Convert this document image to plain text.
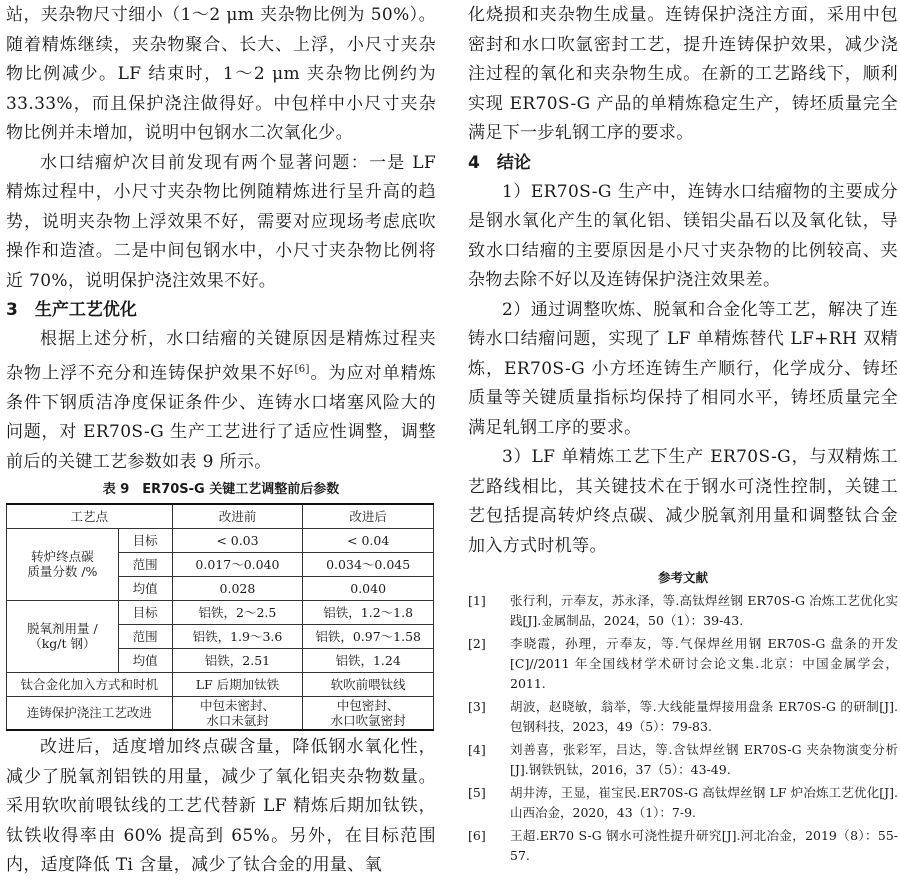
站，夹杂物尺寸细小（1～2 μm 夹杂物比例为 50%）。随着精炼继续，夹杂物聚合、长大、上浮，小尺寸夹杂物比例减少。LF 结束时，1～2 μm 夹杂物比例约为 33.33%，而且保护浇注做得好。中包样中小尺寸夹杂物比例并未增加，说明中包钢水二次氧化少。

水口结瘤炉次目前发现有两个显著问题：一是 LF 精炼过程中，小尺寸夹杂物比例随精炼进行呈升高的趋势，说明夹杂物上浮效果不好，需要对应现场考虑底吹操作和造渣。二是中间包钢水中，小尺寸夹杂物比例将近 70%，说明保护浇注效果不好。

3　生产工艺优化

根据上述分析，水口结瘤的关键原因是精炼过程夹杂物上浮不充分和连铸保护效果不好[6]。为应对单精炼条件下钢质洁净度保证条件少、连铸水口堵塞风险大的问题，对 ER70S-G 生产工艺进行了适应性调整，调整前后的关键工艺参数如表 9 所示。

表 9　ER70S-G 关键工艺调整前后参数
工艺点		改进前	改进后
转炉终点碳
质量分数 /%	目标	< 0.03	< 0.04
	范围	0.017～0.040	0.034～0.045
	均值	0.028	0.040
脱氧剂用量 /
（kg/t 钢）	目标	铝铁，2～2.5	铝铁，1.2～1.8
	范围	铝铁，1.9～3.6	铝铁，0.97～1.58
	均值	铝铁，2.51	铝铁，1.24
钛合金化加入方式和时机		LF 后期加钛铁	软吹前喂钛线
连铸保护浇注工艺改进		中包未密封、
水口未氩封	中包密封、
水口吹氩密封

改进后，适度增加终点碳含量，降低钢水氧化性，减少了脱氧剂铝铁的用量，减少了氧化铝夹杂物数量。采用软吹前喂钛线的工艺代替新 LF 精炼后期加钛铁，钛铁收得率由 60% 提高到 65%。另外，在目标范围内，适度降低 Ti 含量，减少了钛合金的用量、氧

化烧损和夹杂物生成量。连铸保护浇注方面，采用中包密封和水口吹氩密封工艺，提升连铸保护效果，减少浇注过程的氧化和夹杂物生成。在新的工艺路线下，顺利实现 ER70S-G 产品的单精炼稳定生产，铸坯质量完全满足下一步轧钢工序的要求。

4　结论

1）ER70S-G 生产中，连铸水口结瘤物的主要成分是钢水氧化产生的氧化铝、镁铝尖晶石以及氧化钛，导致水口结瘤的主要原因是小尺寸夹杂物的比例较高、夹杂物去除不好以及连铸保护浇注效果差。

2）通过调整吹炼、脱氧和合金化等工艺，解决了连铸水口结瘤问题，实现了 LF 单精炼替代 LF+RH 双精炼，ER70S-G 小方坯连铸生产顺行，化学成分、铸坯质量等关键质量指标均保持了相同水平，铸坯质量完全满足轧钢工序的要求。

3）LF 单精炼工艺下生产 ER70S-G，与双精炼工艺路线相比，其关键技术在于钢水可浇性控制，关键工艺包括提高转炉终点碳、减少脱氧剂用量和调整钛合金加入方式时机等。

参考文献
[1]	张行利，亓奉友，苏永泽，等.高钛焊丝钢 ER70S-G 冶炼工艺优化实践[J].金属制品，2024，50（1）：39-43.
[2]	李晓霞，孙理，亓奉友，等.气保焊丝用钢 ER70S-G 盘条的开发[C]//2011 年全国线材学术研讨会论文集.北京：中国金属学会，2011.
[3]	胡波，赵晓敏，翁举，等.大线能量焊接用盘条 ER70S-G 的研制[J].包钢科技，2023，49（5）：79-83.
[4]	刘善喜，张彩军，吕达，等.含钛焊丝钢 ER70S-G 夹杂物演变分析[J].钢铁钒钛，2016，37（5）：43-49.
[5]	胡井涛，王显，崔宝民.ER70S-G 高钛焊丝钢 LF 炉冶炼工艺优化[J].山西冶金，2020，43（1）：7-9.
[6]	王超.ER70 S-G 钢水可浇性提升研究[J].河北冶金，2019（8）：55-57.
